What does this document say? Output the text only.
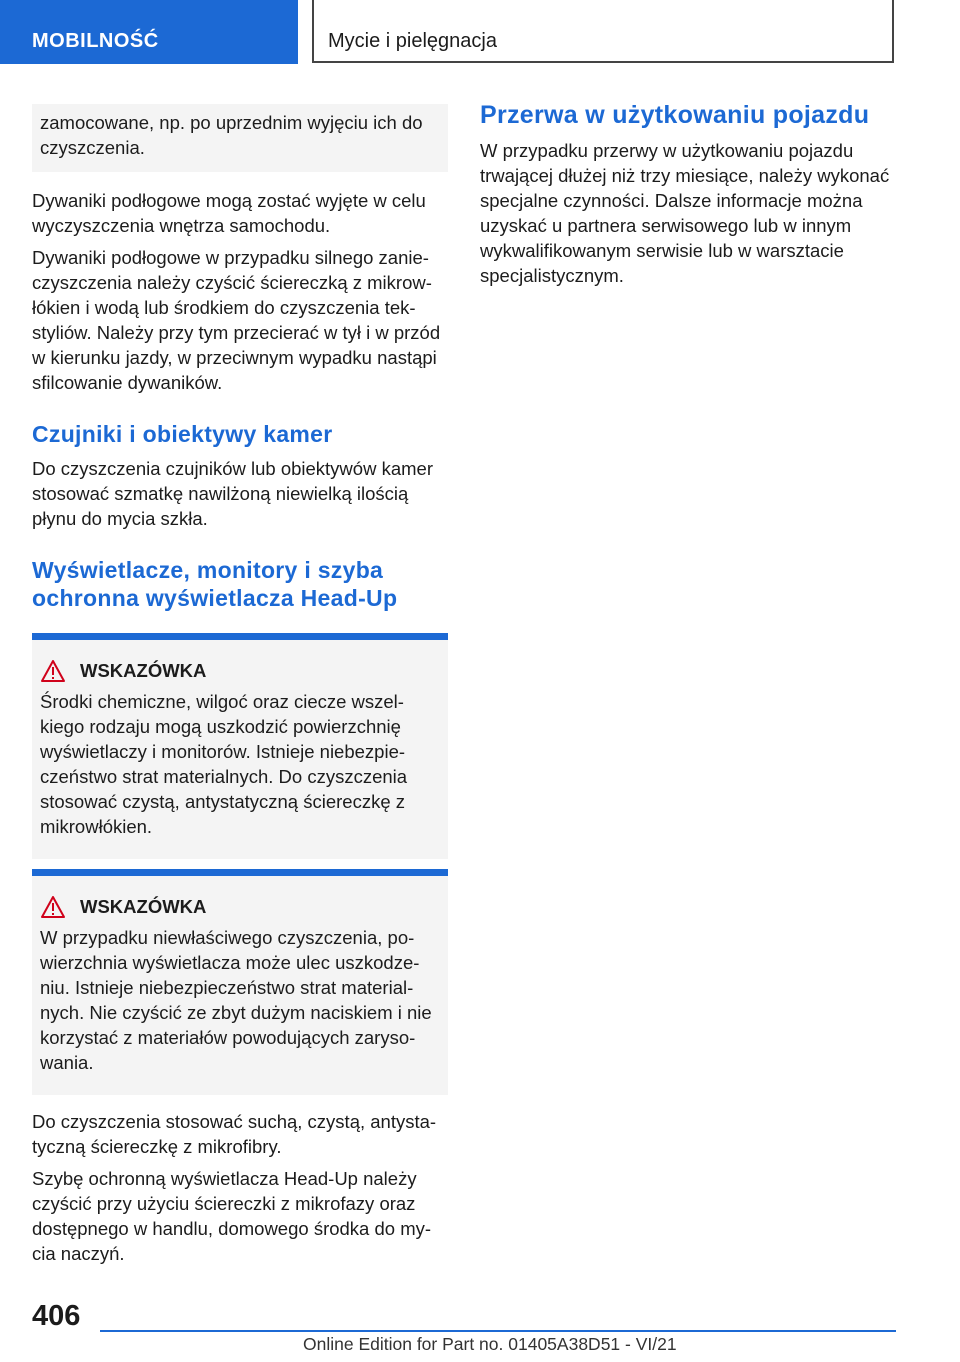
MOBILNOŚĆ	Mycie i pielęgnacja

zamocowane, np. po uprzednim wyjęciu ich do czyszczenia.

Dywaniki podłogowe mogą zostać wyjęte w celu wyczyszczenia wnętrza samochodu.

Dywaniki podłogowe w przypadku silnego zanie‐czyszczenia należy czyścić ściereczką z mikrow‐łókien i wodą lub środkiem do czyszczenia tek‐styliów. Należy przy tym przecierać w tył i w przód w kierunku jazdy, w przeciwnym wypadku nastąpi sfilcowanie dywaników.

Czujniki i obiektywy kamer

Do czyszczenia czujników lub obiektywów kamer stosować szmatkę nawilżoną niewielką ilością płynu do mycia szkła.

Wyświetlacze, monitory i szyba ochronna wyświetlacza Head-Up
WSKAZÓWKA

Środki chemiczne, wilgoć oraz ciecze wszel‐kiego rodzaju mogą uszkodzić powierzchnię wyświetlaczy i monitorów. Istnieje niebezpie‐czeństwo strat materialnych. Do czyszczenia stosować czystą, antystatyczną ściereczkę z mikrowłókien.

WSKAZÓWKA

W przypadku niewłaściwego czyszczenia, po‐wierzchnia wyświetlacza może ulec uszkodze‐niu. Istnieje niebezpieczeństwo strat material‐nych. Nie czyścić ze zbyt dużym naciskiem i nie korzystać z materiałów powodujących zaryso‐wania.

Do czyszczenia stosować suchą, czystą, antysta‐tyczną ściereczkę z mikrofibry.

Szybę ochronną wyświetlacza Head-Up należy czyścić przy użyciu ściereczki z mikrofazy oraz dostępnego w handlu, domowego środka do my‐cia naczyń.

Przerwa w użytkowaniu pojazdu

W przypadku przerwy w użytkowaniu pojazdu trwającej dłużej niż trzy miesiące, należy wykonać specjalne czynności. Dalsze informacje można uzyskać u partnera serwisowego lub w innym wykwalifikowanym serwisie lub w warsztacie specjalistycznym.

406
Online Edition for Part no. 01405A38D51 - VI/21
